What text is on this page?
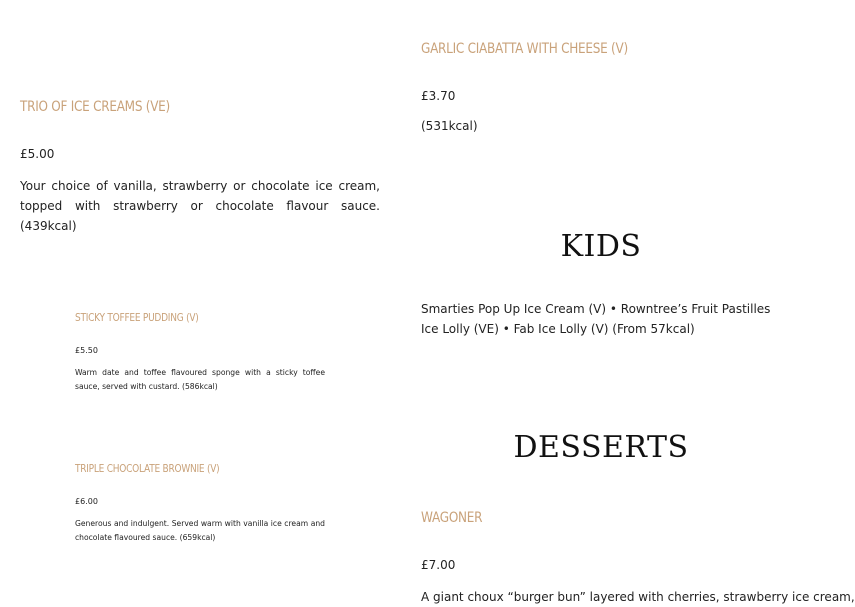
TRIO OF ICE CREAMS (VE)
£5.00
Your choice of vanilla, strawberry or chocolate ice cream, topped with strawberry or chocolate flavour sauce. (439kcal)
STICKY TOFFEE PUDDING (V)
£5.50
Warm date and toffee flavoured sponge with a sticky toffee sauce, served with custard. (586kcal)
TRIPLE CHOCOLATE BROWNIE (V)
£6.00
Generous and indulgent. Served warm with vanilla ice cream and chocolate flavoured sauce. (659kcal)
GARLIC CIABATTA WITH CHEESE (V)
£3.70
(531kcal)
KIDS
Smarties Pop Up Ice Cream (V) • Rowntree’s Fruit Pastilles Ice Lolly (VE) • Fab Ice Lolly (V) (From 57kcal)
DESSERTS
WAGONER
£7.00
A giant choux “burger bun” layered with cherries, strawberry ice cream,
